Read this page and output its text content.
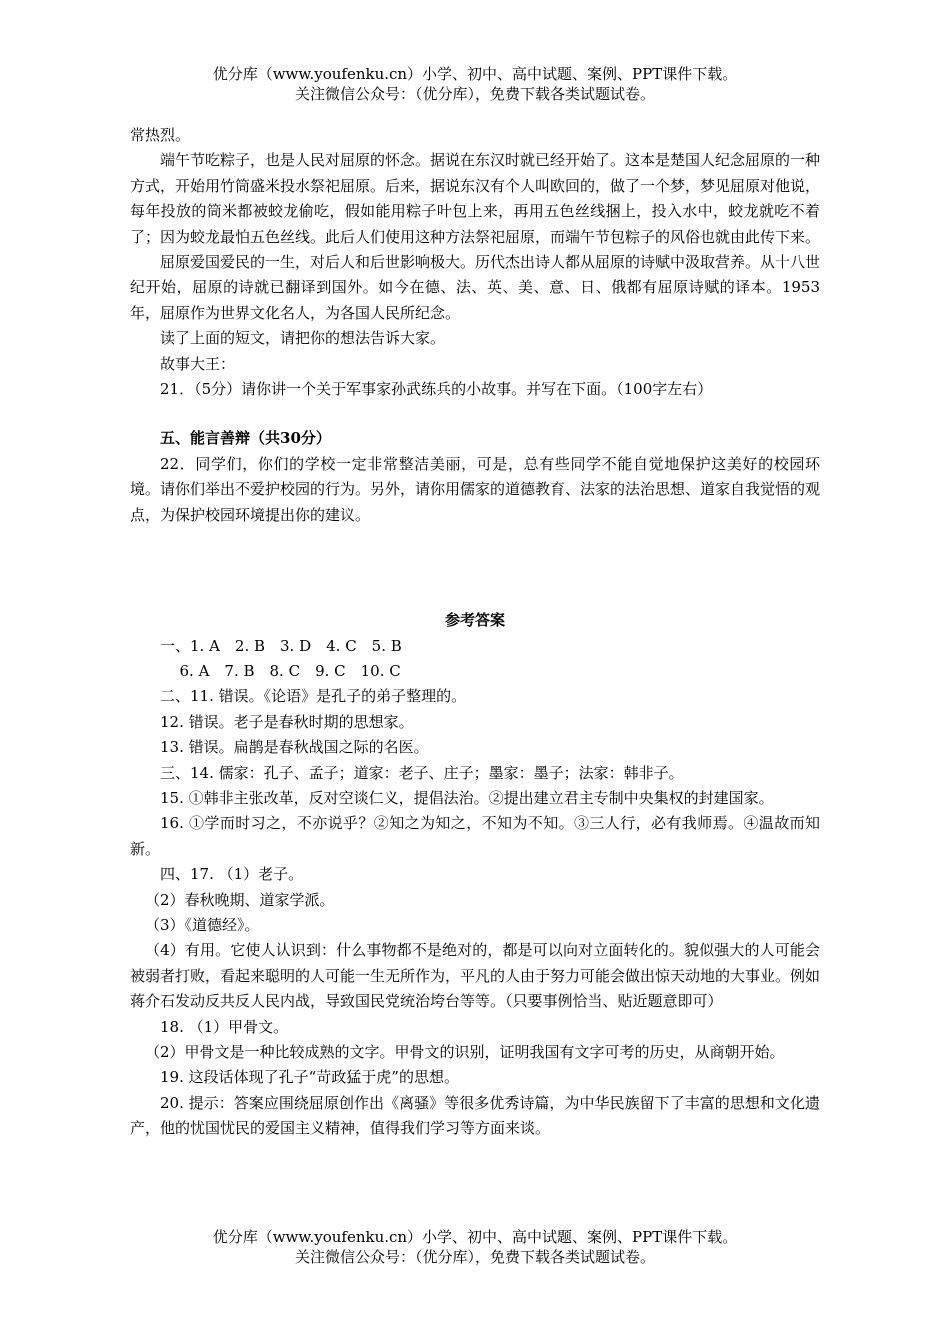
优分库（www.youfenku.cn）小学、初中、高中试题、案例、PPT课件下载。
关注微信公众号：（优分库），免费下载各类试题试卷。

常热烈。

端午节吃粽子，也是人民对屈原的怀念。据说在东汉时就已经开始了。这本是楚国人纪念屈原的一种方式，开始用竹筒盛米投水祭祀屈原。后来，据说东汉有个人叫欧回的，做了一个梦，梦见屈原对他说，每年投放的筒米都被蛟龙偷吃，假如能用粽子叶包上来，再用五色丝线捆上，投入水中，蛟龙就吃不着了；因为蛟龙最怕五色丝线。此后人们使用这种方法祭祀屈原，而端午节包粽子的风俗也就由此传下来。

屈原爱国爱民的一生，对后人和后世影响极大。历代杰出诗人都从屈原的诗赋中汲取营养。从十八世纪开始，屈原的诗就已翻译到国外。如今在德、法、英、美、意、日、俄都有屈原诗赋的译本。1953年，屈原作为世界文化名人，为各国人民所纪念。

读了上面的短文，请把你的想法告诉大家。

故事大王：

21．（5分）请你讲一个关于军事家孙武练兵的小故事。并写在下面。（100字左右）

五、能言善辩（共30分）

22．同学们，你们的学校一定非常整洁美丽，可是，总有些同学不能自觉地保护这美好的校园环境。请你们举出不爱护校园的行为。另外，请你用儒家的道德教育、法家的法治思想、道家自我觉悟的观点，为保护校园环境提出你的建议。

参考答案

一、1. A　2. B　3. D　4. C　5. B

6. A　7. B　8. C　9. C　10. C

二、11. 错误。《论语》是孔子的弟子整理的。

12. 错误。老子是春秋时期的思想家。

13. 错误。扁鹊是春秋战国之际的名医。

三、14. 儒家：孔子、孟子；道家：老子、庄子；墨家：墨子；法家：韩非子。

15. ①韩非主张改革，反对空谈仁义，提倡法治。②提出建立君主专制中央集权的封建国家。

16. ①学而时习之，不亦说乎？②知之为知之，不知为不知。③三人行，必有我师焉。④温故而知新。

四、17. （1）老子。

（2）春秋晚期、道家学派。

（3）《道德经》。

（4）有用。它使人认识到：什么事物都不是绝对的，都是可以向对立面转化的。貌似强大的人可能会被弱者打败，看起来聪明的人可能一生无所作为，平凡的人由于努力可能会做出惊天动地的大事业。例如蒋介石发动反共反人民内战，导致国民党统治垮台等等。（只要事例恰当、贴近题意即可）

18. （1）甲骨文。

（2）甲骨文是一种比较成熟的文字。甲骨文的识别，证明我国有文字可考的历史，从商朝开始。

19. 这段话体现了孔子“苛政猛于虎”的思想。

20. 提示：答案应围绕屈原创作出《离骚》等很多优秀诗篇，为中华民族留下了丰富的思想和文化遗产，他的忧国忧民的爱国主义精神，值得我们学习等方面来谈。

优分库（www.youfenku.cn）小学、初中、高中试题、案例、PPT课件下载。
关注微信公众号：（优分库），免费下载各类试题试卷。
